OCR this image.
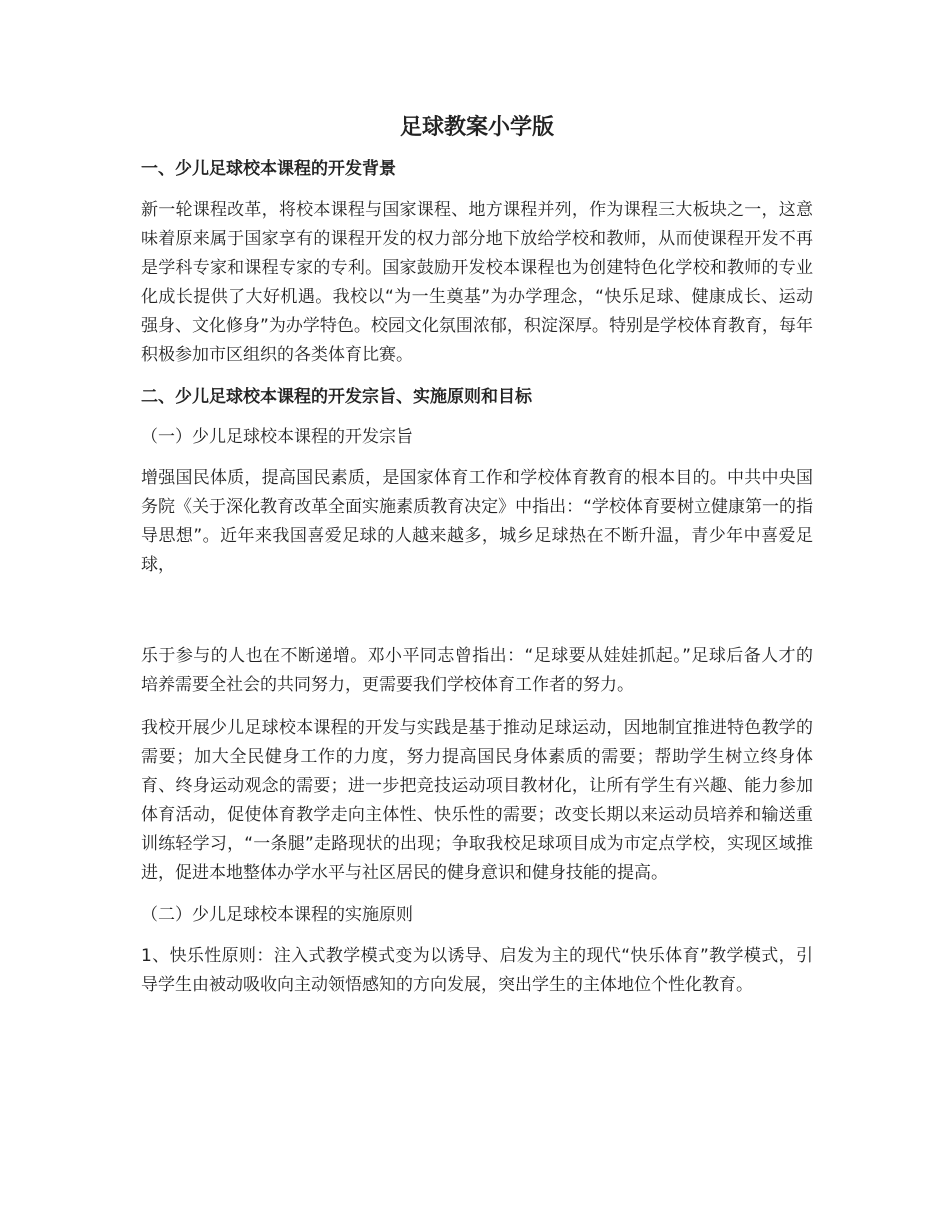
足球教案小学版
一、少儿足球校本课程的开发背景
新一轮课程改革，将校本课程与国家课程、地方课程并列，作为课程三大板块之一，这意味着原来属于国家享有的课程开发的权力部分地下放给学校和教师，从而使课程开发不再是学科专家和课程专家的专利。国家鼓励开发校本课程也为创建特色化学校和教师的专业化成长提供了大好机遇。我校以“为一生奠基”为办学理念，“快乐足球、健康成长、运动强身、文化修身”为办学特色。校园文化氛围浓郁，积淀深厚。特别是学校体育教育，每年积极参加市区组织的各类体育比赛。
二、少儿足球校本课程的开发宗旨、实施原则和目标
（一）少儿足球校本课程的开发宗旨
增强国民体质，提高国民素质，是国家体育工作和学校体育教育的根本目的。中共中央国务院《关于深化教育改革全面实施素质教育决定》中指出：“学校体育要树立健康第一的指导思想”。近年来我国喜爱足球的人越来越多，城乡足球热在不断升温，青少年中喜爱足球，
乐于参与的人也在不断递增。邓小平同志曾指出：“足球要从娃娃抓起。”足球后备人才的培养需要全社会的共同努力，更需要我们学校体育工作者的努力。
我校开展少儿足球校本课程的开发与实践是基于推动足球运动，因地制宜推进特色教学的需要；加大全民健身工作的力度，努力提高国民身体素质的需要；帮助学生树立终身体育、终身运动观念的需要；进一步把竞技运动项目教材化，让所有学生有兴趣、能力参加体育活动，促使体育教学走向主体性、快乐性的需要；改变长期以来运动员培养和输送重训练轻学习，“一条腿”走路现状的出现；争取我校足球项目成为市定点学校，实现区域推进，促进本地整体办学水平与社区居民的健身意识和健身技能的提高。
（二）少儿足球校本课程的实施原则
1、快乐性原则：注入式教学模式变为以诱导、启发为主的现代“快乐体育”教学模式，引导学生由被动吸收向主动领悟感知的方向发展，突出学生的主体地位个性化教育。
